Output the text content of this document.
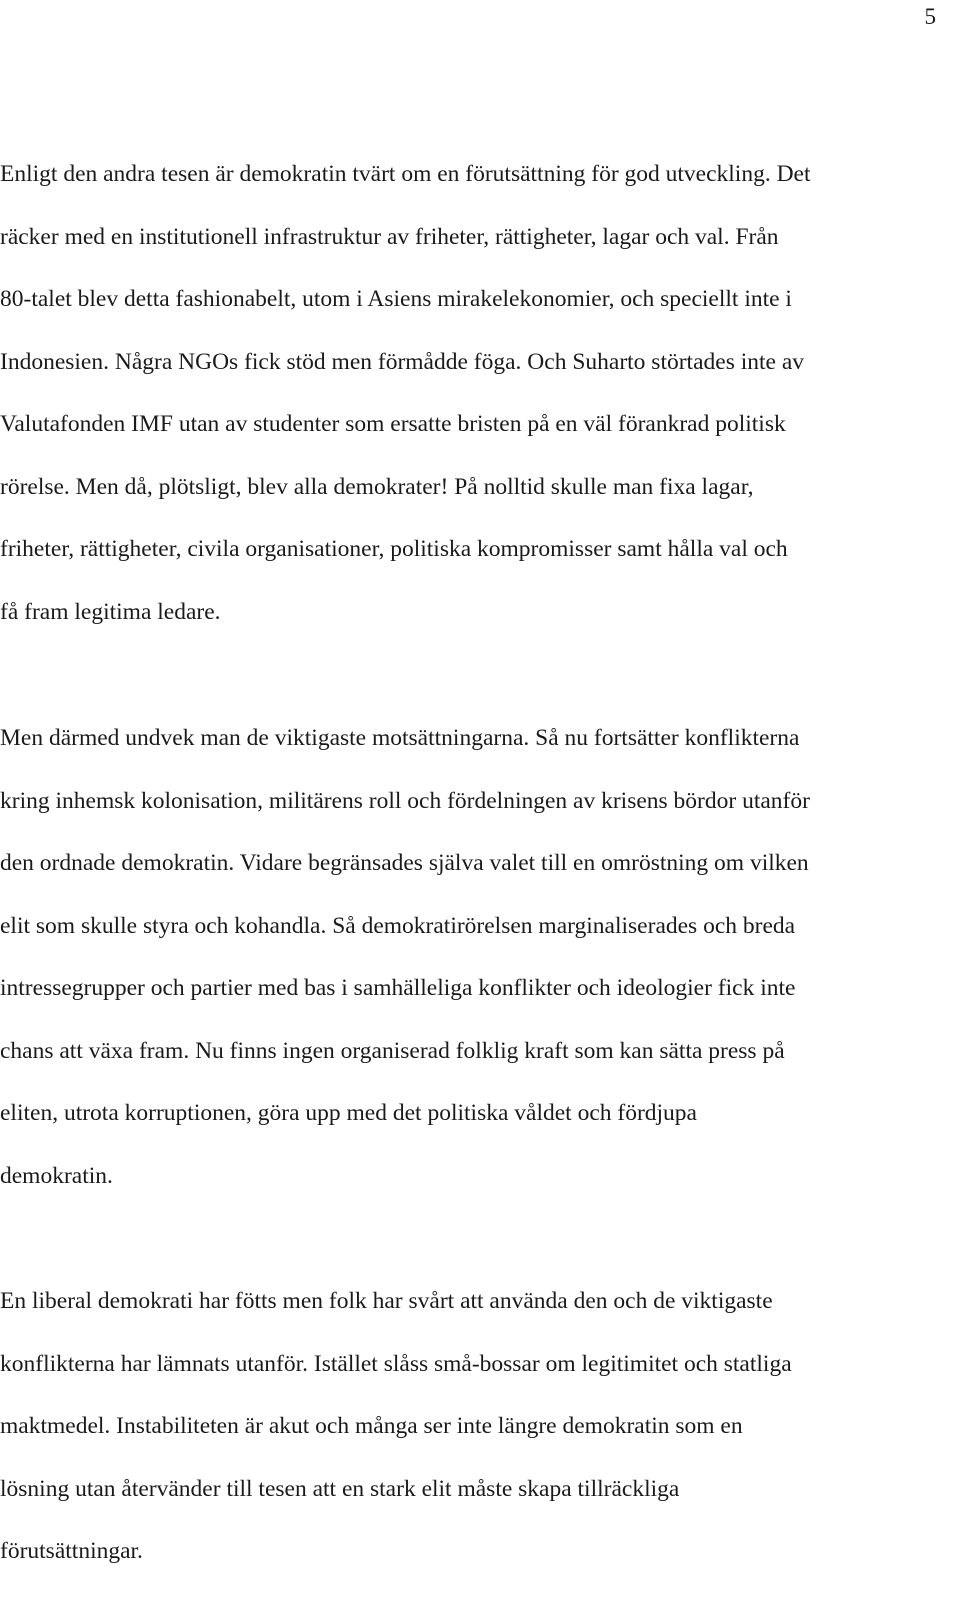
5
Enligt den andra tesen är demokratin tvärt om en förutsättning för god utveckling. Det
räcker med en institutionell infrastruktur av friheter, rättigheter, lagar och val. Från
80-talet blev detta fashionabelt, utom i Asiens mirakelekonomier, och speciellt inte i
Indonesien. Några NGOs fick stöd men förmådde föga. Och Suharto störtades inte av
Valutafonden IMF utan av studenter som ersatte bristen på en väl förankrad politisk
rörelse. Men då, plötsligt, blev alla demokrater! På nolltid skulle man fixa lagar,
friheter, rättigheter, civila organisationer, politiska kompromisser samt hålla val och
få fram legitima ledare.
Men därmed undvek man de viktigaste motsättningarna. Så nu fortsätter konflikterna
kring inhemsk kolonisation, militärens roll och fördelningen av krisens bördor utanför
den ordnade demokratin. Vidare begränsades själva valet till en omröstning om vilken
elit som skulle styra och kohandla. Så demokratirörelsen marginaliserades och breda
intressegrupper och partier med bas i samhälleliga konflikter och ideologier fick inte
chans att växa fram. Nu finns ingen organiserad folklig kraft som kan sätta press på
eliten, utrota korruptionen, göra upp med det politiska våldet och fördjupa
demokratin.
En liberal demokrati har fötts men folk har svårt att använda den och de viktigaste
konflikterna har lämnats utanför. Istället slåss små-bossar om legitimitet och statliga
maktmedel. Instabiliteten är akut och många ser inte längre demokratin som en
lösning utan återvänder till tesen att en stark elit måste skapa tillräckliga
förutsättningar.
